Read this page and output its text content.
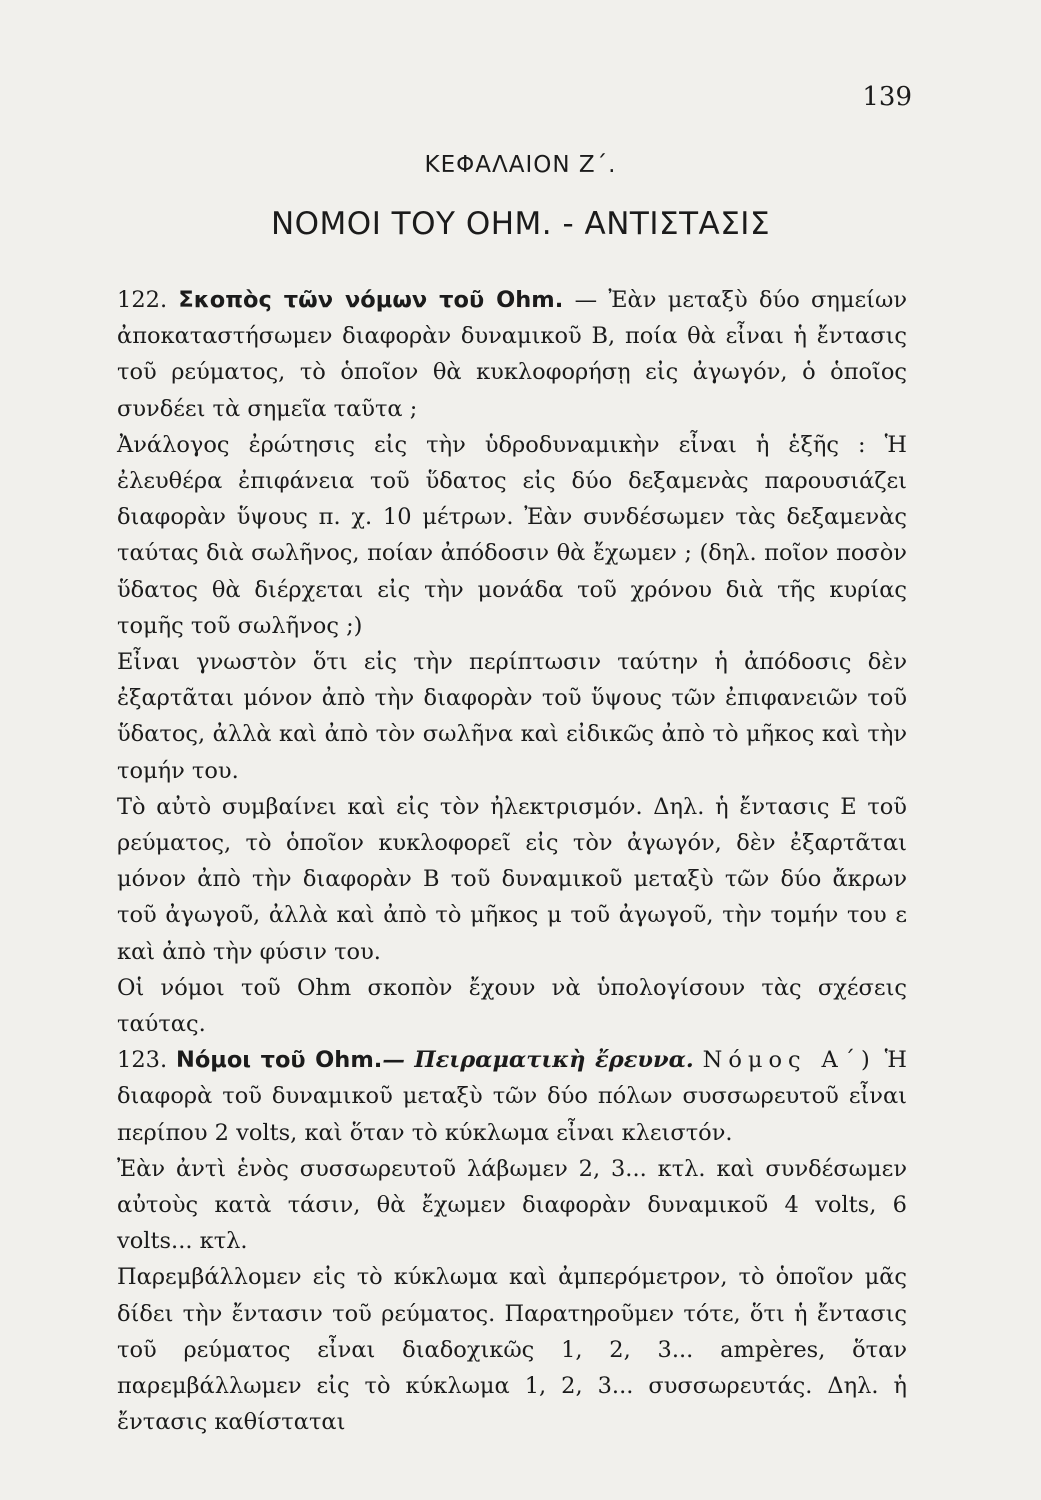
139
ΚΕΦΑΛΑΙΟΝ Ζ΄.
ΝΟΜΟΙ ΤΟΥ ΟΗΜ. - ΑΝΤΙΣΤΑΣΙΣ

122. Σκοπὸς τῶν νόμων τοῦ Ohm. — Ἐὰν μεταξὺ δύο σημείων ἀποκαταστήσωμεν διαφορὰν δυναμικοῦ Β, ποία θὰ εἶναι ἡ ἔντασις τοῦ ρεύματος, τὸ ὁποῖον θὰ κυκλοφορήσῃ εἰς ἀγωγόν, ὁ ὁποῖος συνδέει τὰ σημεῖα ταῦτα ;

Ἀνάλογος ἐρώτησις εἰς τὴν ὑδροδυναμικὴν εἶναι ἡ ἑξῆς : Ἡ ἐλευθέρα ἐπιφάνεια τοῦ ὕδατος εἰς δύο δεξαμενὰς παρουσιάζει διαφορὰν ὕψους π. χ. 10 μέτρων. Ἐὰν συνδέσωμεν τὰς δεξαμενὰς ταύτας διὰ σωλῆνος, ποίαν ἀπόδοσιν θὰ ἔχωμεν ; (δηλ. ποῖον ποσὸν ὕδατος θὰ διέρχεται εἰς τὴν μονάδα τοῦ χρόνου διὰ τῆς κυρίας τομῆς τοῦ σωλῆνος ;)

Εἶναι γνωστὸν ὅτι εἰς τὴν περίπτωσιν ταύτην ἡ ἀπόδοσις δὲν ἐξαρτᾶται μόνον ἀπὸ τὴν διαφορὰν τοῦ ὕψους τῶν ἐπιφανειῶν τοῦ ὕδατος, ἀλλὰ καὶ ἀπὸ τὸν σωλῆνα καὶ εἰδικῶς ἀπὸ τὸ μῆκος καὶ τὴν τομήν του.

Τὸ αὐτὸ συμβαίνει καὶ εἰς τὸν ἠλεκτρισμόν. Δηλ. ἡ ἔντασις Ε τοῦ ρεύματος, τὸ ὁποῖον κυκλοφορεῖ εἰς τὸν ἀγωγόν, δὲν ἐξαρτᾶται μόνον ἀπὸ τὴν διαφορὰν Β τοῦ δυναμικοῦ μεταξὺ τῶν δύο ἄκρων τοῦ ἀγωγοῦ, ἀλλὰ καὶ ἀπὸ τὸ μῆκος μ τοῦ ἀγωγοῦ, τὴν τομήν του ε καὶ ἀπὸ τὴν φύσιν του.

Οἱ νόμοι τοῦ Ohm σκοπὸν ἔχουν νὰ ὑπολογίσουν τὰς σχέσεις ταύτας.

123. Νόμοι τοῦ Ohm.— Πειραματικὴ ἔρευνα. Νόμος Α΄) Ἡ διαφορὰ τοῦ δυναμικοῦ μεταξὺ τῶν δύο πόλων συσσωρευτοῦ εἶναι περίπου 2 volts, καὶ ὅταν τὸ κύκλωμα εἶναι κλειστόν.

Ἐὰν ἀντὶ ἑνὸς συσσωρευτοῦ λάβωμεν 2, 3... κτλ. καὶ συνδέσωμεν αὐτοὺς κατὰ τάσιν, θὰ ἔχωμεν διαφορὰν δυναμικοῦ 4 volts, 6 volts... κτλ.

Παρεμβάλλομεν εἰς τὸ κύκλωμα καὶ ἀμπερόμετρον, τὸ ὁποῖον μᾶς δίδει τὴν ἔντασιν τοῦ ρεύματος. Παρατηροῦμεν τότε, ὅτι ἡ ἔντασις τοῦ ρεύματος εἶναι διαδοχικῶς 1, 2, 3... ampères, ὅταν παρεμβάλλωμεν εἰς τὸ κύκλωμα 1, 2, 3... συσσωρευτάς. Δηλ. ἡ ἔντασις καθίσταται
